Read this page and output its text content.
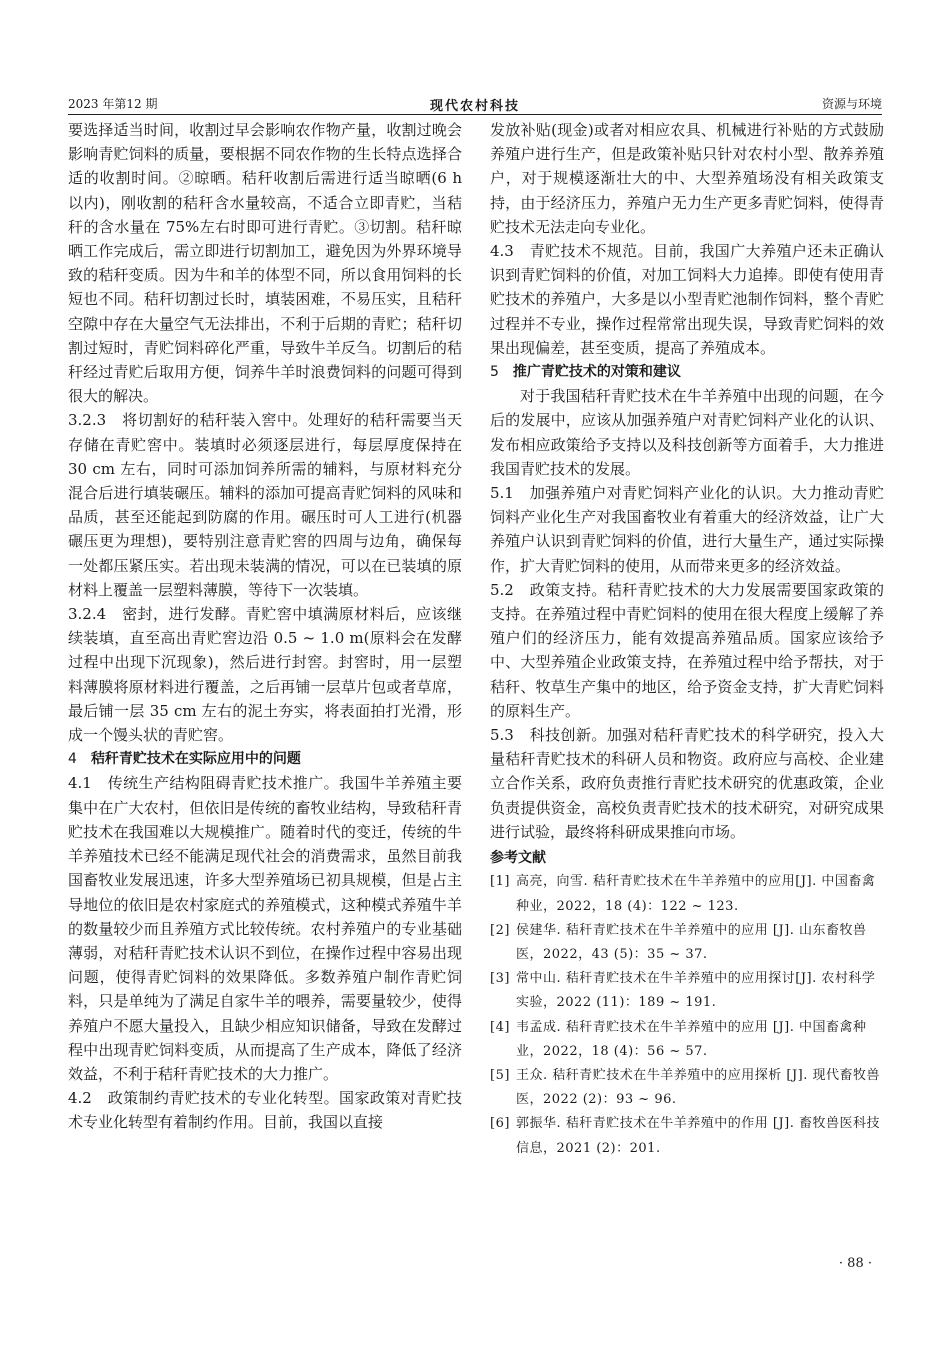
2023 年第12 期	现代农村科技	资源与环境

要选择适当时间，收割过早会影响农作物产量，收割过晚会影响青贮饲料的质量，要根据不同农作物的生长特点选择合适的收割时间。②晾晒。秸秆收割后需进行适当晾晒(6 h 以内)，刚收割的秸秆含水量较高，不适合立即青贮，当秸秆的含水量在 75%左右时即可进行青贮。③切割。秸秆晾晒工作完成后，需立即进行切割加工，避免因为外界环境导致的秸秆变质。因为牛和羊的体型不同，所以食用饲料的长短也不同。秸秆切割过长时，填装困难，不易压实，且秸秆空隙中存在大量空气无法排出，不利于后期的青贮；秸秆切割过短时，青贮饲料碎化严重，导致牛羊反刍。切割后的秸秆经过青贮后取用方便，饲养牛羊时浪费饲料的问题可得到很大的解决。

3.2.3　将切割好的秸秆装入窖中。处理好的秸秆需要当天存储在青贮窖中。装填时必须逐层进行，每层厚度保持在 30 cm 左右，同时可添加饲养所需的辅料，与原材料充分混合后进行填装碾压。辅料的添加可提高青贮饲料的风味和品质，甚至还能起到防腐的作用。碾压时可人工进行(机器碾压更为理想)，要特别注意青贮窖的四周与边角，确保每一处都压紧压实。若出现未装满的情况，可以在已装填的原材料上覆盖一层塑料薄膜，等待下一次装填。

3.2.4　密封，进行发酵。青贮窖中填满原材料后，应该继续装填，直至高出青贮窖边沿 0.5 ~ 1.0 m(原料会在发酵过程中出现下沉现象)，然后进行封窖。封窖时，用一层塑料薄膜将原材料进行覆盖，之后再铺一层草片包或者草席，最后铺一层 35 cm 左右的泥土夯实，将表面拍打光滑，形成一个馒头状的青贮窖。

4 秸秆青贮技术在实际应用中的问题

4.1　传统生产结构阻碍青贮技术推广。我国牛羊养殖主要集中在广大农村，但依旧是传统的畜牧业结构，导致秸秆青贮技术在我国难以大规模推广。随着时代的变迁，传统的牛羊养殖技术已经不能满足现代社会的消费需求，虽然目前我国畜牧业发展迅速，许多大型养殖场已初具规模，但是占主导地位的依旧是农村家庭式的养殖模式，这种模式养殖牛羊的数量较少而且养殖方式比较传统。农村养殖户的专业基础薄弱，对秸秆青贮技术认识不到位，在操作过程中容易出现问题，使得青贮饲料的效果降低。多数养殖户制作青贮饲料，只是单纯为了满足自家牛羊的喂养，需要量较少，使得养殖户不愿大量投入，且缺少相应知识储备，导致在发酵过程中出现青贮饲料变质，从而提高了生产成本，降低了经济效益，不利于秸秆青贮技术的大力推广。

4.2　政策制约青贮技术的专业化转型。国家政策对青贮技术专业化转型有着制约作用。目前，我国以直接

发放补贴(现金)或者对相应农具、机械进行补贴的方式鼓励养殖户进行生产，但是政策补贴只针对农村小型、散养养殖户，对于规模逐渐壮大的中、大型养殖场没有相关政策支持，由于经济压力，养殖户无力生产更多青贮饲料，使得青贮技术无法走向专业化。

4.3　青贮技术不规范。目前，我国广大养殖户还未正确认识到青贮饲料的价值，对加工饲料大力追捧。即使有使用青贮技术的养殖户，大多是以小型青贮池制作饲料，整个青贮过程并不专业，操作过程常常出现失误，导致青贮饲料的效果出现偏差，甚至变质，提高了养殖成本。

5 推广青贮技术的对策和建议

对于我国秸秆青贮技术在牛羊养殖中出现的问题，在今后的发展中，应该从加强养殖户对青贮饲料产业化的认识、发布相应政策给予支持以及科技创新等方面着手，大力推进我国青贮技术的发展。

5.1　加强养殖户对青贮饲料产业化的认识。大力推动青贮饲料产业化生产对我国畜牧业有着重大的经济效益，让广大养殖户认识到青贮饲料的价值，进行大量生产，通过实际操作，扩大青贮饲料的使用，从而带来更多的经济效益。

5.2　政策支持。秸秆青贮技术的大力发展需要国家政策的支持。在养殖过程中青贮饲料的使用在很大程度上缓解了养殖户们的经济压力，能有效提高养殖品质。国家应该给予中、大型养殖企业政策支持，在养殖过程中给予帮扶，对于秸秆、牧草生产集中的地区，给予资金支持，扩大青贮饲料的原料生产。

5.3　科技创新。加强对秸秆青贮技术的科学研究，投入大量秸秆青贮技术的科研人员和物资。政府应与高校、企业建立合作关系，政府负责推行青贮技术研究的优惠政策，企业负责提供资金，高校负责青贮技术的技术研究，对研究成果进行试验，最终将科研成果推向市场。

参考文献

[1] 高亮，向雪. 秸秆青贮技术在牛羊养殖中的应用[J]. 中国畜禽种业，2022，18 (4)：122 ~ 123.
[2] 侯建华. 秸秆青贮技术在牛羊养殖中的应用 [J]. 山东畜牧兽医，2022，43 (5)：35 ~ 37.
[3] 常中山. 秸秆青贮技术在牛羊养殖中的应用探讨[J]. 农村科学实验，2022 (11)：189 ~ 191.
[4] 韦孟成. 秸秆青贮技术在牛羊养殖中的应用 [J]. 中国畜禽种业，2022，18 (4)：56 ~ 57.
[5] 王众. 秸秆青贮技术在牛羊养殖中的应用探析 [J]. 现代畜牧兽医，2022 (2)：93 ~ 96.
[6] 郭振华. 秸秆青贮技术在牛羊养殖中的作用 [J]. 畜牧兽医科技信息，2021 (2)：201.
· 88 ·
